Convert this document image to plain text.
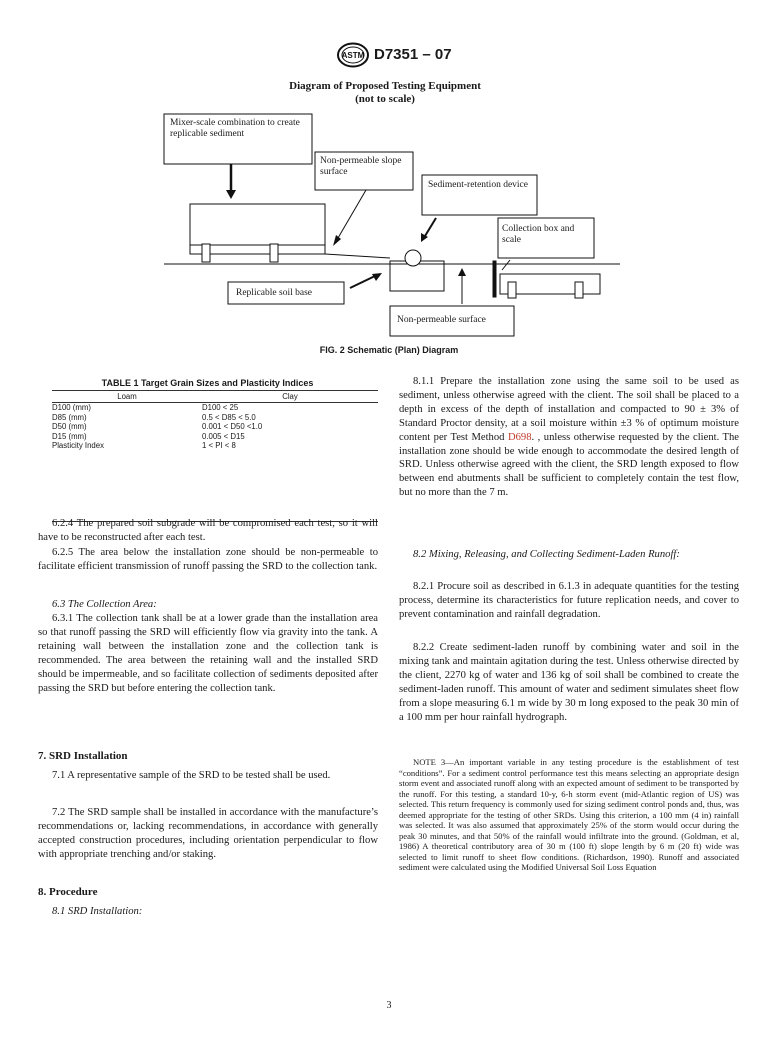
ASTM D7351 – 07
Diagram of Proposed Testing Equipment
(not to scale)
Mixer-scale combination to create replicable sediment
Non-permeable slope surface
Sediment-retention device
Collection box and scale
Replicable soil base
Non-permeable surface
FIG. 2 Schematic (Plan) Diagram
TABLE 1 Target Grain Sizes and Plasticity Indices
Loam	Clay
D100 (mm)	D100 < 25
D85 (mm)	0.5 < D85 < 5.0
D50 (mm)	0.001 < D50 <1.0
D15 (mm)	0.005 < D15
Plasticity Index	1 < PI < 8
6.2.4 The prepared soil subgrade will be compromised each test, so it will have to be reconstructed after each test.
6.2.5 The area below the installation zone should be non-permeable to facilitate efficient transmission of runoff passing the SRD to the collection tank.
6.3 The Collection Area:
6.3.1 The collection tank shall be at a lower grade than the installation area so that runoff passing the SRD will efficiently flow via gravity into the tank. A retaining wall between the installation zone and the collection tank is recommended. The area between the retaining wall and the installed SRD should be impermeable, and so facilitate collection of sediments deposited after passing the SRD but before entering the collection tank.
7. SRD Installation
7.1 A representative sample of the SRD to be tested shall be used.
7.2 The SRD sample shall be installed in accordance with the manufacture’s recommendations or, lacking recommendations, in accordance with generally accepted construction procedures, including orientation perpendicular to flow with appropriate trenching and/or staking.
8. Procedure
8.1 SRD Installation:
8.1.1 Prepare the installation zone using the same soil to be used as sediment, unless otherwise agreed with the client. The soil shall be placed to a depth in excess of the depth of installation and compacted to 90 ± 3% of Standard Proctor density, at a soil moisture within ±3 % of optimum moisture content per Test Method D698. , unless otherwise requested by the client. The installation zone should be wide enough to accommodate the desired length of SRD. Unless otherwise agreed with the client, the SRD length exposed to flow between end abutments shall be sufficient to completely contain the test flow, but no more than the 7 m.
8.2 Mixing, Releasing, and Collecting Sediment-Laden Runoff:
8.2.1 Procure soil as described in 6.1.3 in adequate quantities for the testing process, determine its characteristics for future replication needs, and cover to prevent contamination and rainfall degradation.
8.2.2 Create sediment-laden runoff by combining water and soil in the mixing tank and maintain agitation during the test. Unless otherwise directed by the client, 2270 kg of water and 136 kg of soil shall be combined to create the sediment-laden runoff. This amount of water and sediment simulates sheet flow from a slope measuring 6.1 m wide by 30 m long exposed to the peak 30 min of a 100 mm per hour rainfall hydrograph.
NOTE 3—An important variable in any testing procedure is the establishment of test “conditions”. For a sediment control performance test this means selecting an appropriate design storm event and associated runoff along with an expected amount of sediment to be transported by the runoff. For this testing, a standard 10-y, 6-h storm event (mid-Atlantic region of US) was selected. This return frequency is commonly used for sizing sediment control ponds and, thus, was deemed appropriate for the testing of other SRDs. Using this criterion, a 100 mm (4 in) rainfall was selected. It was also assumed that approximately 25% of the storm would occur during the peak 30 minutes, and that 50% of the rainfall would infiltrate into the ground. (Goldman, et al, 1986) A theoretical contributory area of 30 m (100 ft) slope length by 6 m (20 ft) wide was selected to limit runoff to sheet flow conditions. (Richardson, 1990). Runoff and associated sediment were calculated using the Modified Universal Soil Loss Equation
3
